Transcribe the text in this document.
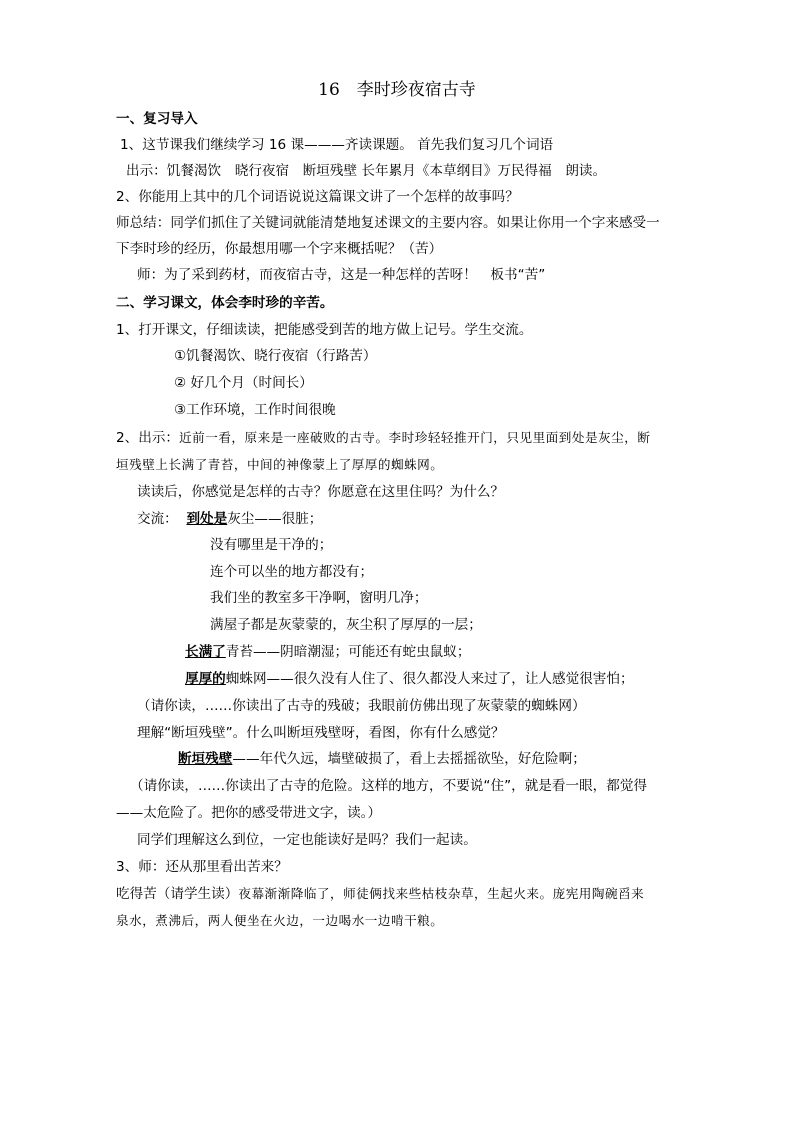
16　李时珍夜宿古寺
一、复习导入
1、这节课我们继续学习 16 课———齐读课题。 首先我们复习几个词语
出示：饥餐渴饮　晓行夜宿　断垣残壁 长年累月《本草纲目》万民得福　朗读。
2、你能用上其中的几个词语说说这篇课文讲了一个怎样的故事吗？
师总结：同学们抓住了关键词就能清楚地复述课文的主要内容。如果让你用一个字来感受一
下李时珍的经历，你最想用哪一个字来概括呢？（苦）
师：为了采到药材，而夜宿古寺，这是一种怎样的苦呀！　板书“苦”
二、学习课文，体会李时珍的辛苦。
1、打开课文，仔细读读，把能感受到苦的地方做上记号。学生交流。
①饥餐渴饮、晓行夜宿（行路苦）
② 好几个月（时间长）
③工作环境，工作时间很晚
2、出示：近前一看，原来是一座破败的古寺。李时珍轻轻推开门，只见里面到处是灰尘，断
垣残壁上长满了青苔，中间的神像蒙上了厚厚的蜘蛛网。
读读后，你感觉是怎样的古寺？你愿意在这里住吗？为什么？
交流： 到处是灰尘——很脏；
没有哪里是干净的；
连个可以坐的地方都没有；
我们坐的教室多干净啊，窗明几净；
满屋子都是灰蒙蒙的，灰尘积了厚厚的一层；
长满了青苔——阴暗潮湿；可能还有蛇虫鼠蚁；
厚厚的蜘蛛网——很久没有人住了、很久都没人来过了，让人感觉很害怕；
（请你读，……你读出了古寺的残破；我眼前仿佛出现了灰蒙蒙的蜘蛛网）
理解“断垣残壁”。什么叫断垣残壁呀，看图，你有什么感觉？
断垣残壁——年代久远，墙壁破损了，看上去摇摇欲坠，好危险啊；
（请你读，……你读出了古寺的危险。这样的地方，不要说“住”，就是看一眼，都觉得
——太危险了。把你的感受带进文字，读。）
同学们理解这么到位，一定也能读好是吗？我们一起读。
3、师：还从那里看出苦来？
吃得苦（请学生读）夜幕渐渐降临了，师徒俩找来些枯枝杂草，生起火来。庞宪用陶碗舀来
泉水，煮沸后，两人便坐在火边，一边喝水一边啃干粮。
